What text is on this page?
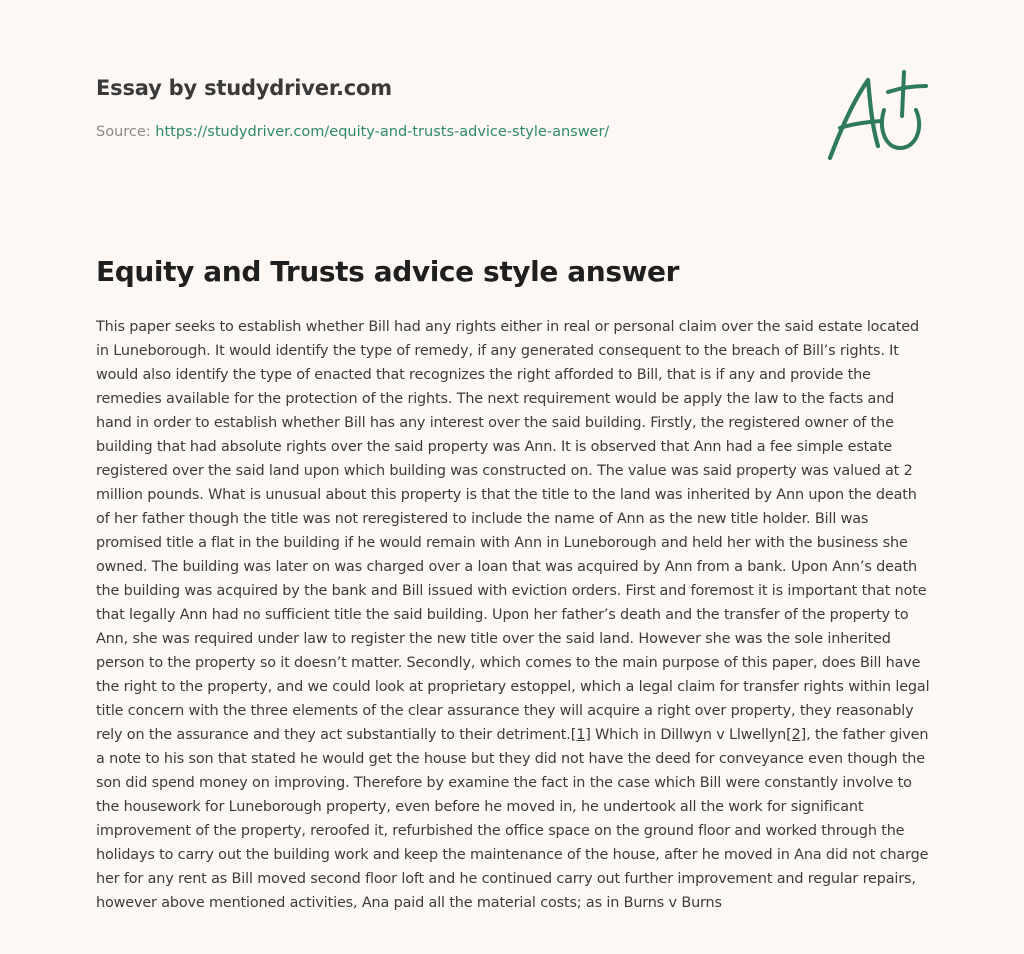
Essay by studydriver.com
Source: https://studydriver.com/equity-and-trusts-advice-style-answer/
Equity and Trusts advice style answer

This paper seeks to establish whether Bill had any rights either in real or personal claim over the said estate located in Luneborough. It would identify the type of remedy, if any generated consequent to the breach of Bill’s rights. It would also identify the type of enacted that recognizes the right afforded to Bill, that is if any and provide the remedies available for the protection of the rights. The next requirement would be apply the law to the facts and hand in order to establish whether Bill has any interest over the said building. Firstly, the registered owner of the building that had absolute rights over the said property was Ann. It is observed that Ann had a fee simple estate registered over the said land upon which building was constructed on. The value was said property was valued at 2 million pounds. What is unusual about this property is that the title to the land was inherited by Ann upon the death of her father though the title was not reregistered to include the name of Ann as the new title holder. Bill was promised title a flat in the building if he would remain with Ann in Luneborough and held her with the business she owned. The building was later on was charged over a loan that was acquired by Ann from a bank. Upon Ann’s death the building was acquired by the bank and Bill issued with eviction orders. First and foremost it is important that note that legally Ann had no sufficient title the said building. Upon her father’s death and the transfer of the property to Ann, she was required under law to register the new title over the said land. However she was the sole inherited person to the property so it doesn’t matter. Secondly, which comes to the main purpose of this paper, does Bill have the right to the property, and we could look at proprietary estoppel, which a legal claim for transfer rights within legal title concern with the three elements of the clear assurance they will acquire a right over property, they reasonably rely on the assurance and they act substantially to their detriment.[1] Which in Dillwyn v Llwellyn[2], the father given a note to his son that stated he would get the house but they did not have the deed for conveyance even though the son did spend money on improving. Therefore by examine the fact in the case which Bill were constantly involve to the housework for Luneborough property, even before he moved in, he undertook all the work for significant improvement of the property, reroofed it, refurbished the office space on the ground floor and worked through the holidays to carry out the building work and keep the maintenance of the house, after he moved in Ana did not charge her for any rent as Bill moved second floor loft and he continued carry out further improvement and regular repairs, however above mentioned activities, Ana paid all the material costs; as in Burns v Burns
